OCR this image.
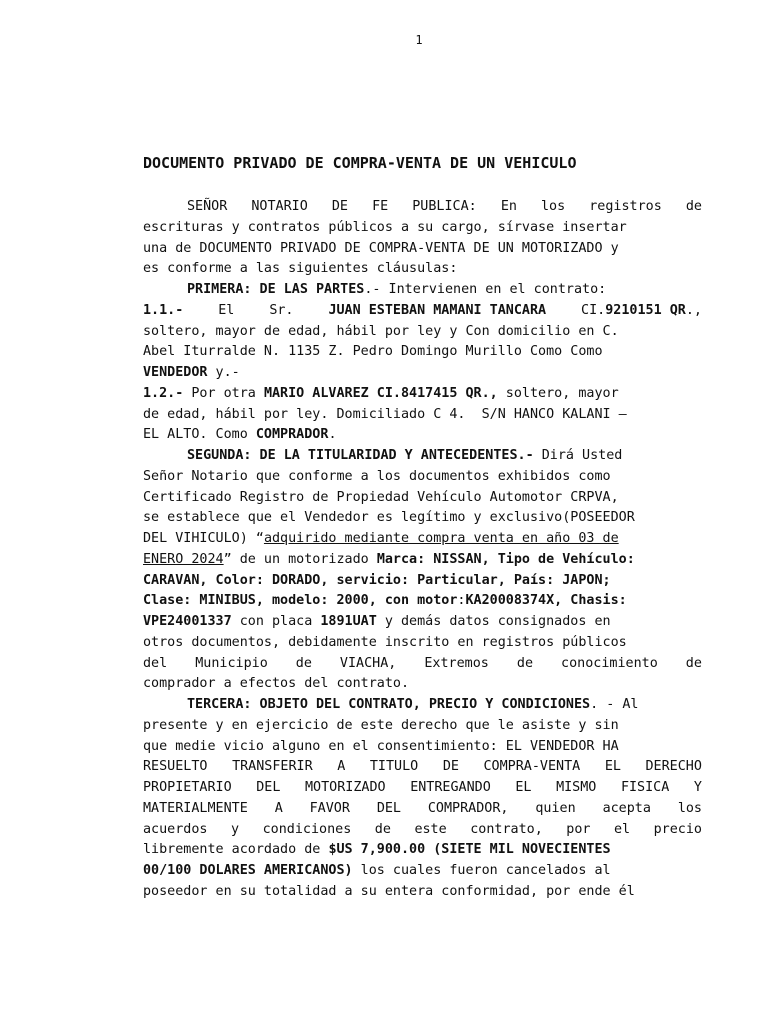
1
DOCUMENTO PRIVADO DE COMPRA-VENTA DE UN VEHICULO
SEÑOR NOTARIO DE FE PUBLICA: En los registros de
escrituras y contratos públicos a su cargo, sírvase insertar
una de DOCUMENTO PRIVADO DE COMPRA-VENTA DE UN MOTORIZADO y
es conforme a las siguientes cláusulas:
PRIMERA: DE LAS PARTES .- Intervienen en el contrato:
1.1.-	El	Sr.	JUAN ESTEBAN MAMANI TANCARA	CI.9210151 QR.,
soltero, mayor de edad, hábil por ley y Con domicilio en C.
Abel Iturralde N. 1135 Z. Pedro Domingo Murillo Como Como
VENDEDOR y.-
1.2.- Por otra MARIO ALVAREZ CI.8417415 QR., soltero, mayor
de edad, hábil por ley. Domiciliado C 4.  S/N HANCO KALANI –
EL ALTO. Como COMPRADOR .
SEGUNDA: DE LA TITULARIDAD Y ANTECEDENTES.- Dirá Usted
Señor Notario que conforme a los documentos exhibidos como
Certificado Registro de Propiedad Vehículo Automotor CRPVA,
se establece que el Vendedor es legítimo y exclusivo(POSEEDOR
DEL VIHICULO) “ adquirido mediante compra venta en año 03 de
ENERO 2024 ” de un motorizado Marca: NISSAN, Tipo de Vehículo:
CARAVAN, Color: DORADO, servicio: Particular, País: JAPON;
Clase: MINIBUS, modelo: 2000, con motor : KA20008374X, Chasis:
VPE24001337 con placa 1891UAT y demás datos consignados en
otros documentos, debidamente inscrito en registros públicos
del Municipio de VIACHA, Extremos de conocimiento de
comprador a efectos del contrato.
TERCERA: OBJETO DEL CONTRATO, PRECIO Y CONDICIONES . - Al
presente y en ejercicio de este derecho que le asiste y sin
que medie vicio alguno en el consentimiento: EL VENDEDOR HA
RESUELTO TRANSFERIR A TITULO DE COMPRA-VENTA EL DERECHO
PROPIETARIO DEL MOTORIZADO ENTREGANDO EL MISMO FISICA Y
MATERIALMENTE A FAVOR DEL COMPRADOR, quien acepta los
acuerdos y condiciones de este contrato, por el precio
libremente acordado de $US 7,900.00 (SIETE MIL NOVECIENTES
00/100 DOLARES AMERICANOS) los cuales fueron cancelados al
poseedor en su totalidad a su entera conformidad, por ende él
